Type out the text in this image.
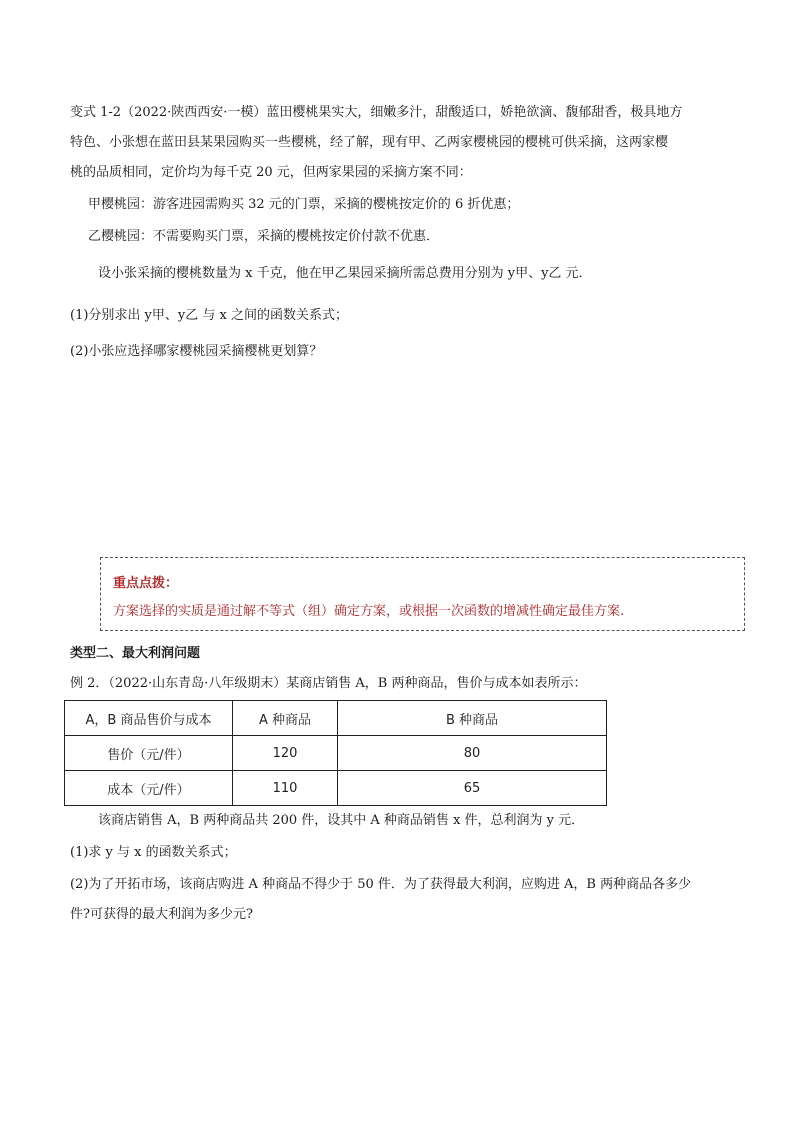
变式 1-2（2022·陕西西安·一模）蓝田樱桃果实大，细嫩多汁，甜酸适口，娇艳欲滴、馥郁甜香，极具地方
特色、小张想在蓝田县某果园购买一些樱桃，经了解，现有甲、乙两家樱桃园的樱桃可供采摘，这两家樱
桃的品质相同，定价均为每千克 20 元，但两家果园的采摘方案不同：
甲樱桃园：游客进园需购买 32 元的门票，采摘的樱桃按定价的 6 折优惠；
乙樱桃园：不需要购买门票，采摘的樱桃按定价付款不优惠．
设小张采摘的樱桃数量为 x 千克，他在甲乙果园采摘所需总费用分别为 y甲、y乙 元．
(1)分别求出 y甲、y乙 与 x 之间的函数关系式；
(2)小张应选择哪家樱桃园采摘樱桃更划算？
重点点拨：
方案选择的实质是通过解不等式（组）确定方案，或根据一次函数的增减性确定最佳方案.
类型二、最大利润问题
例 2．（2022·山东青岛·八年级期末）某商店销售 A，B 两种商品，售价与成本如表所示：
A，B 商品售价与成本	A 种商品	B 种商品
售价（元/件）	120	80
成本（元/件）	110	65
该商店销售 A，B 两种商品共 200 件，设其中 A 种商品销售 x 件，总利润为 y 元．
(1)求 y 与 x 的函数关系式；
(2)为了开拓市场，该商店购进 A 种商品不得少于 50 件．为了获得最大利润，应购进 A，B 两种商品各多少
件?可获得的最大利润为多少元?
